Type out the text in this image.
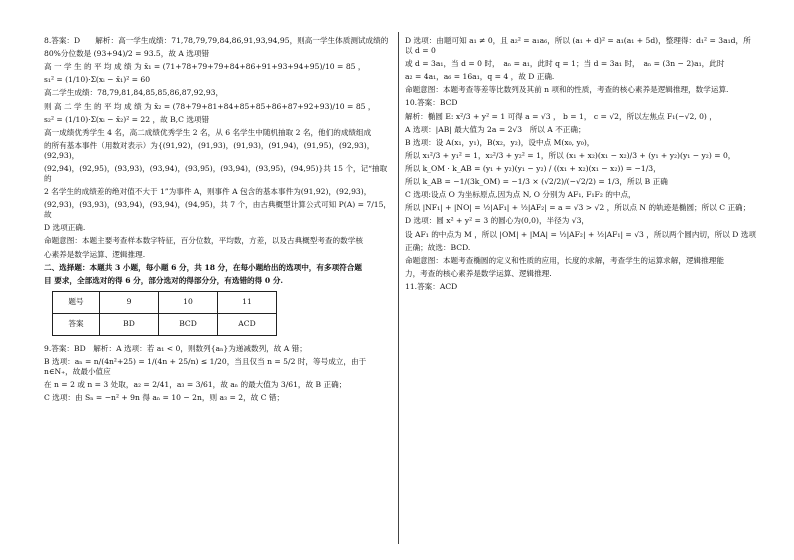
8.答案：D　　解析：高一学生成绩：71,78,79,79,84,86,91,93,94,95，则高一学生体质测试成绩的

80%分位数是 (93+94)/2 = 93.5，故 A 选项错

高 一 学 生 的 平 均 成 绩 为 x̄₁ = (71+78+79+79+84+86+91+93+94+95)/10 = 85 ，

s₁² = (1/10)·Σ(xᵢ − x̄₁)² = 60

高二学生成绩：78,79,81,84,85,85,86,87,92,93，

则 高 二 学 生 的 平 均 成 绩 为 x̄₂ = (78+79+81+84+85+85+86+87+92+93)/10 = 85 ，

s₂² = (1/10)·Σ(xᵢ − x̄₂)² = 22 ，故 B,C 选项错

高一成绩优秀学生 4 名，高二成绩优秀学生 2 名，从 6 名学生中随机抽取 2 名，他们的成绩组成

的所有基本事件（用数对表示）为{(91,92)，(91,93)，(91,93)，(91,94)，(91,95)，(92,93)，(92,93)，

(92,94)，(92,95)，(93,93)，(93,94)，(93,95)，(93,94)，(93,95)，(94,95)}共 15 个，记“抽取的

2 名学生的成绩差的绝对值不大于 1”为事件 A，则事件 A 包含的基本事件为(91,92)，(92,93)，

(92,93)，(93,93)，(93,94)，(93,94)，(94,95)，共 7 个，由古典概型计算公式可知 P(A) = 7/15，故

D 选项正确.

命题意图：本题主要考查样本数字特征，百分位数，平均数，方差，以及古典概型考查的数学核

心素养是数学运算、逻辑推理.

二、选择题：本题共 3 小题，每小题 6 分，共 18 分，在每小题给出的选项中，有多项符合题

目 要求，全部选对的得 6 分，部分选对的得部分分，有选错的得 0 分.

题号	9	10	11
答案	BD	BCD	ACD

9.答案：BD　解析：A 选项：若 a₁ < 0，则数列{aₙ}为递减数列，故 A 错；

B 选项：aₙ = n/(4n²+25) = 1/(4n + 25/n) ≤ 1/20，当且仅当 n = 5/2 时，等号成立，由于 n∈N₊，故最小值应

在 n = 2 或 n = 3 处取，a₂ = 2/41，a₃ = 3/61，故 aₙ 的最大值为 3/61，故 B 正确；

C 选项：由 Sₙ = −n² + 9n 得 aₙ = 10 − 2n，则 a₃ = 2，故 C 错；

D 选项：由题可知 a₁ ≠ 0，且 a₂² = a₁a₆，所以 (a₁ + d)² = a₁(a₁ + 5d)，整理得：d₁² = 3a₁d，所以 d = 0

或 d = 3a₁，当 d = 0 时，　aₙ = a₁，此时 q = 1；当 d = 3a₁ 时，　aₙ = (3n − 2)a₁，此时

a₂ = 4a₁，a₆ = 16a₁，q = 4 ，故 D 正确.

命题意图：本题考查等差等比数列及其前 n 项和的性质，考查的核心素养是逻辑推理，数学运算.

10.答案：BCD

解析：椭圆 E: x²/3 + y² = 1 可得 a = √3 ， b = 1， c = √2，所以左焦点 F₁(−√2, 0) ，

A 选项：|AB| 最大值为 2a = 2√3　所以 A 不正确；

B 选项：设 A(x₁，y₁)，B(x₂，y₂)，设中点 M(x₀, y₀)，

所以 x₁²/3 + y₁² = 1，x₂²/3 + y₂² = 1，所以 (x₁ + x₂)(x₁ − x₂)/3 + (y₁ + y₂)(y₁ − y₂) = 0，

所以 k_OM · k_AB = (y₁ + y₂)(y₁ − y₂) / ((x₁ + x₂)(x₁ − x₂)) = −1/3，

所以 k_AB = −1/(3k_OM) = −1/3 × (√2/2)/(−√2/2) = 1/3，所以 B 正确

C 选项:设点 O 为坐标原点,因为点 N, O 分别为 AF₁, F₁F₂ 的中点，

所以 |NF₁| + |NO| = ½|AF₁| + ½|AF₂| = a = √3 > √2 ，所以点 N 的轨迹是椭圆；所以 C 正确；

D 选项：圆 x² + y² = 3 的圆心为(0,0)，半径为 √3，

设 AF₁ 的中点为 M ，所以 |OM| + |MA| = ½|AF₂| + ½|AF₁| = √3 ，所以两个圆内切，所以 D 选项

正确；故选：BCD.

命题意图：本题考查椭圆的定义和性质的应用，长度的求解，考查学生的运算求解，逻辑推理能

力，考查的核心素养是数学运算、逻辑推理.

11.答案：ACD
